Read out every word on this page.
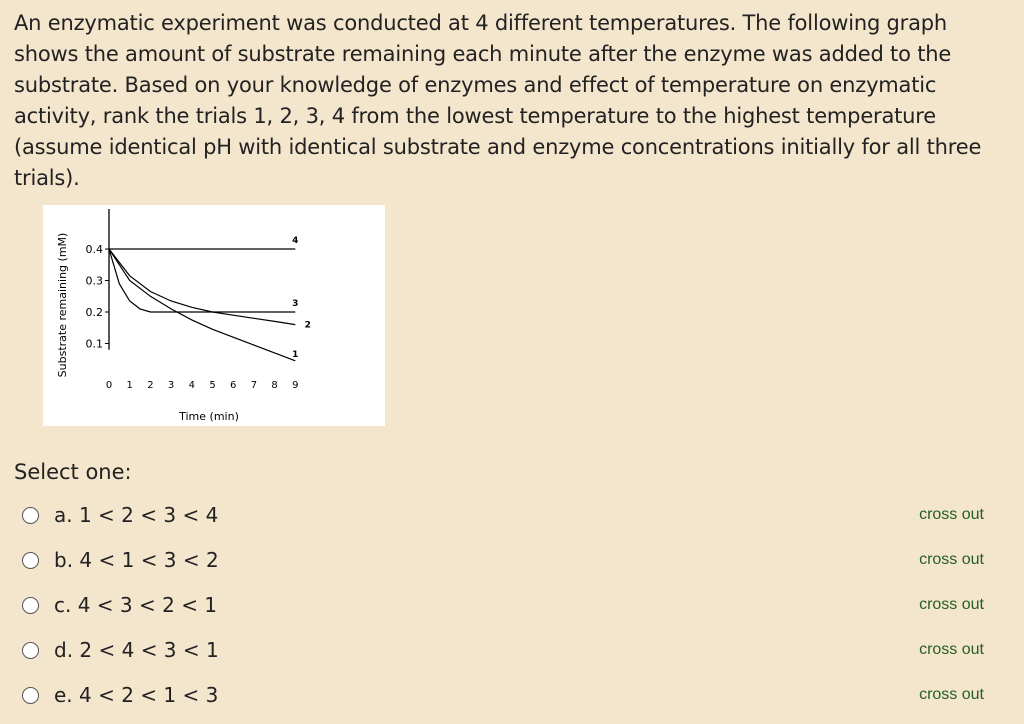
An enzymatic experiment was conducted at 4 different temperatures. The following graph shows the amount of substrate remaining each minute after the enzyme was added to the substrate. Based on your knowledge of enzymes and effect of temperature on enzymatic activity, rank the trials 1, 2, 3, 4 from the lowest temperature to the highest temperature (assume identical pH with identical substrate and enzyme concentrations initially for all three trials).
0.1
0.2
0.3
0.4
0 1 2 3 4 5 6 7 8 9
Time (min)
Substrate remaining (mM)	4
3
2
1
Select one:
a. 1 < 2 < 3 < 4	cross out
b. 4 < 1 < 3 < 2	cross out
c. 4 < 3 < 2 < 1	cross out
d. 2 < 4 < 3 < 1	cross out
e. 4 < 2 < 1 < 3	cross out
